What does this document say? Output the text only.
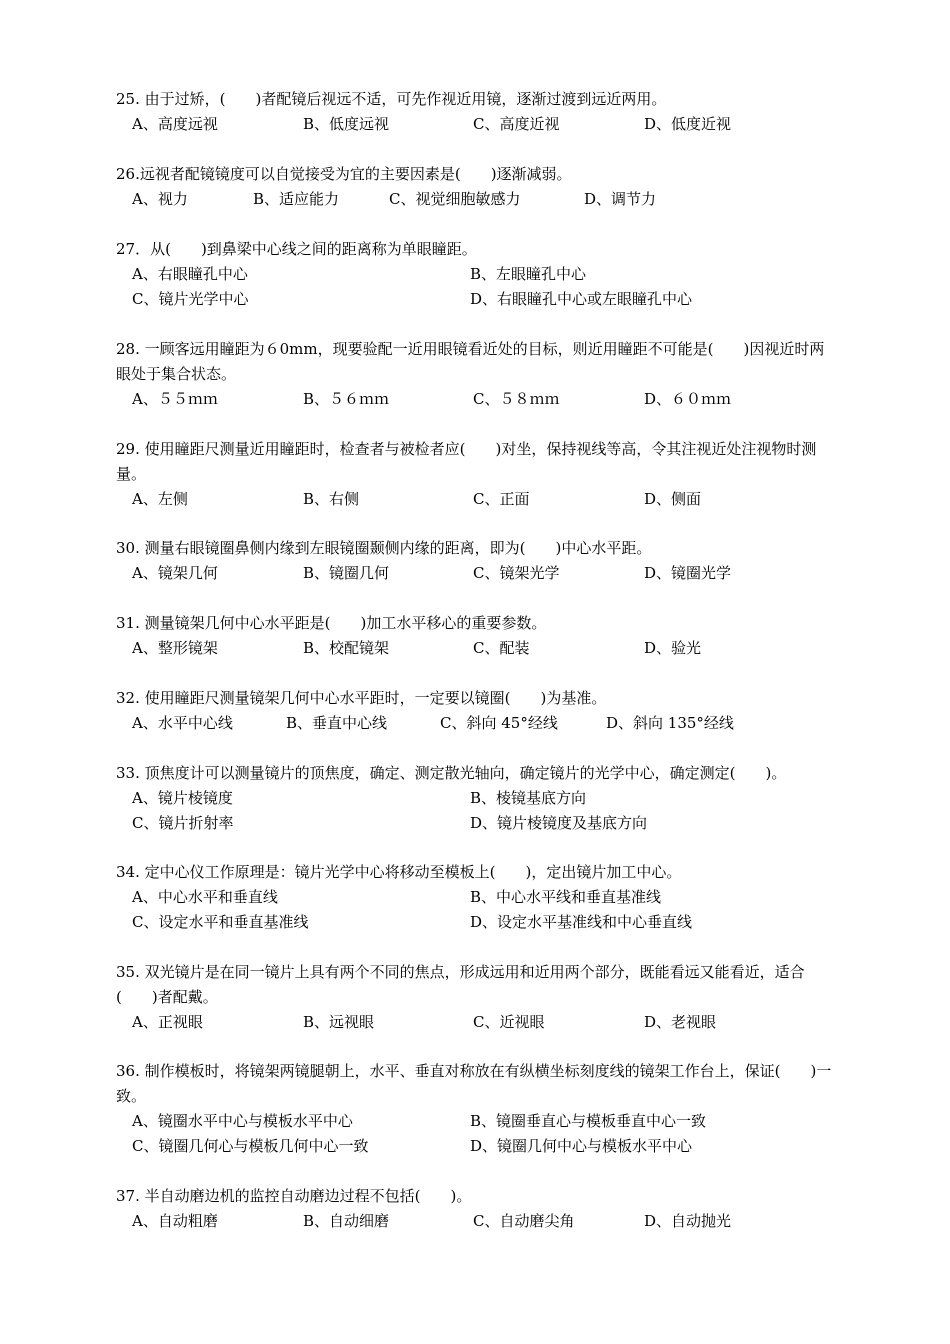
25. 由于过矫，(　　)者配镜后视远不适，可先作视近用镜，逐渐过渡到远近两用。

A、高度远视	B、低度远视	C、高度近视	D、低度近视

26.远视者配镜镜度可以自觉接受为宜的主要因素是(　　)逐渐减弱。

A、视力	B、适应能力	C、视觉细胞敏感力	D、调节力

27．从(　　)到鼻梁中心线之间的距离称为单眼瞳距。

A、右眼瞳孔中心	B、左眼瞳孔中心
C、镜片光学中心	D、右眼瞳孔中心或左眼瞳孔中心

28. 一顾客远用瞳距为６0mm，现要验配一近用眼镜看近处的目标，则近用瞳距不可能是(　　)因视近时两眼处于集合状态。

A、５５ｍｍ	B、５６ｍｍ	C、５８ｍｍ	D、６０ｍｍ

29. 使用瞳距尺测量近用瞳距时，检查者与被检者应(　　)对坐，保持视线等高，令其注视近处注视物时测量。

A、左侧	B、右侧	C、正面	D、侧面

30. 测量右眼镜圈鼻侧内缘到左眼镜圈颞侧内缘的距离，即为(　　)中心水平距。

A、镜架几何	B、镜圈几何	C、镜架光学	D、镜圈光学

31. 测量镜架几何中心水平距是(　　)加工水平移心的重要参数。

A、整形镜架	B、校配镜架	C、配装	D、验光

32. 使用瞳距尺测量镜架几何中心水平距时，一定要以镜圈(　　)为基准。

A、水平中心线	B、垂直中心线	C、斜向 45°经线	D、斜向 135°经线

33. 顶焦度计可以测量镜片的顶焦度，确定、测定散光轴向，确定镜片的光学中心，确定测定(　　)。

A、镜片棱镜度	B、棱镜基底方向
C、镜片折射率	D、镜片棱镜度及基底方向

34. 定中心仪工作原理是：镜片光学中心将移动至模板上(　　)，定出镜片加工中心。

A、中心水平和垂直线	B、中心水平线和垂直基准线
C、设定水平和垂直基准线	D、设定水平基准线和中心垂直线

35. 双光镜片是在同一镜片上具有两个不同的焦点，形成远用和近用两个部分，既能看远又能看近，适合(　　)者配戴。

A、正视眼	B、远视眼	C、近视眼	D、老视眼

36. 制作模板时，将镜架两镜腿朝上，水平、垂直对称放在有纵横坐标刻度线的镜架工作台上，保证(　　)一致。

A、镜圈水平中心与模板水平中心	B、镜圈垂直心与模板垂直中心一致
C、镜圈几何心与模板几何中心一致	D、镜圈几何中心与模板水平中心

37. 半自动磨边机的监控自动磨边过程不包括(　　)。

A、自动粗磨	B、自动细磨	C、自动磨尖角	D、自动抛光
